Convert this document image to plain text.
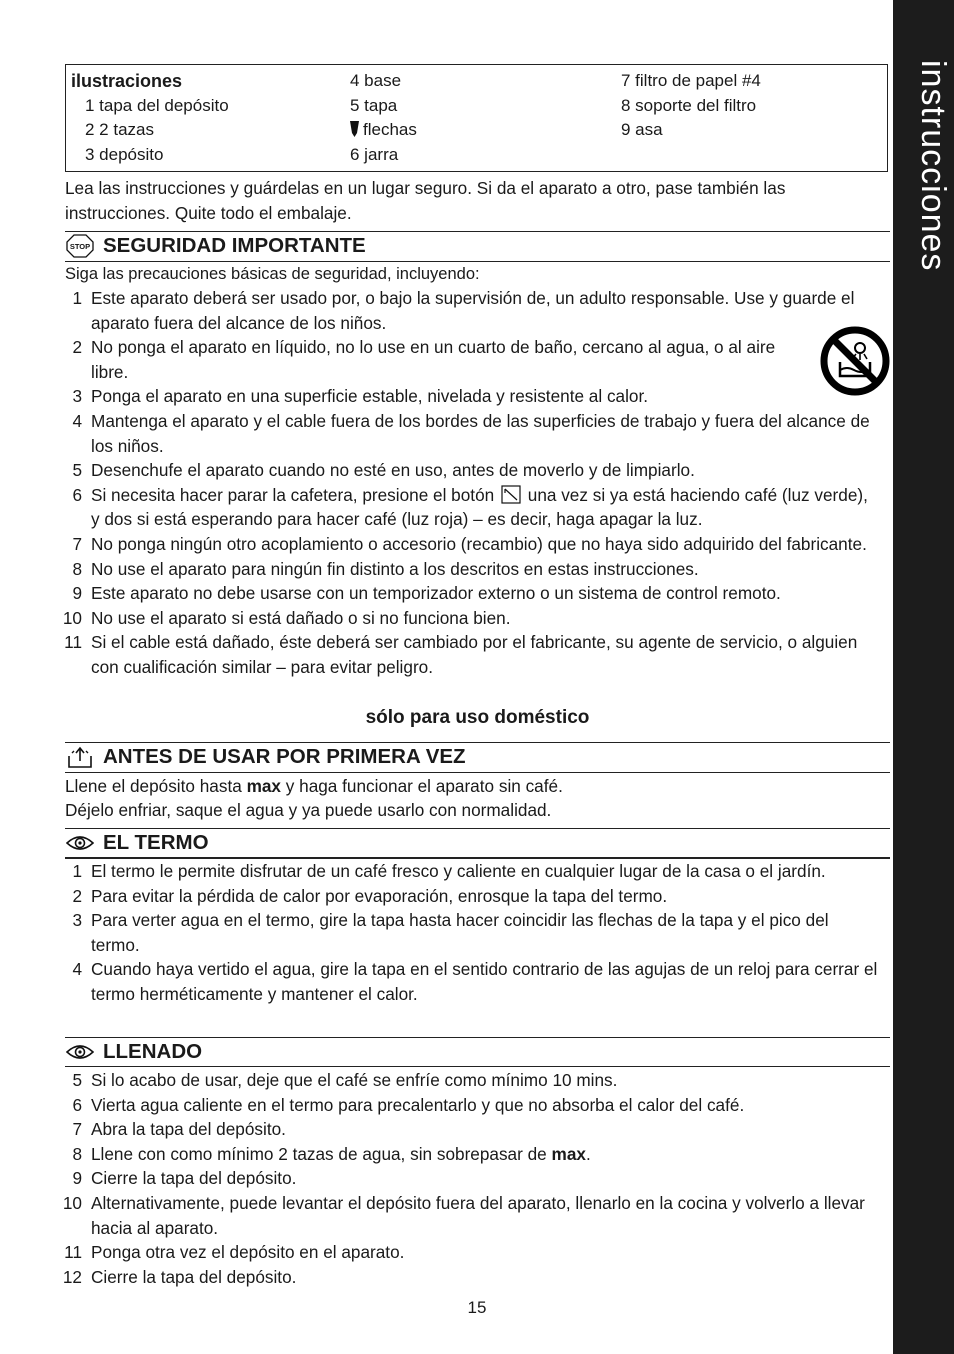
instrucciones
ilustraciones
1 tapa del depósito
2 2 tazas
3 depósito
4 base
5 tapa
flechas
6 jarra
7 filtro de papel #4
8 soporte del filtro
9 asa
Lea las instrucciones y guárdelas en un lugar seguro. Si da el aparato a otro, pase también las instrucciones. Quite todo el embalaje.
STOP SEGURIDAD IMPORTANTE
Siga las precauciones básicas de seguridad, incluyendo:
1 Este aparato deberá ser usado por, o bajo la supervisión de, un adulto responsable. Use y guarde el aparato fuera del alcance de los niños.
2 No ponga el aparato en líquido, no lo use en un cuarto de baño, cercano al agua, o al aire libre.
3 Ponga el aparato en una superficie estable, nivelada y resistente al calor.
4 Mantenga el aparato y el cable fuera de los bordes de las superficies de trabajo y fuera del alcance de los niños.
5 Desenchufe el aparato cuando no esté en uso, antes de moverlo y de limpiarlo.
6 Si necesita hacer parar la cafetera, presione el botón una vez si ya está haciendo café (luz verde), y dos si está esperando para hacer café (luz roja) – es decir, haga apagar la luz.
7 No ponga ningún otro acoplamiento o accesorio (recambio) que no haya sido adquirido del fabricante.
8 No use el aparato para ningún fin distinto a los descritos en estas instrucciones.
9 Este aparato no debe usarse con un temporizador externo o un sistema de control remoto.
10 No use el aparato si está dañado o si no funciona bien.
11 Si el cable está dañado, éste deberá ser cambiado por el fabricante, su agente de servicio, o alguien con cualificación similar – para evitar peligro.
sólo para uso doméstico
ANTES DE USAR POR PRIMERA VEZ
Llene el depósito hasta max y haga funcionar el aparato sin café.
Déjelo enfriar, saque el agua y ya puede usarlo con normalidad.
EL TERMO
1 El termo le permite disfrutar de un café fresco y caliente en cualquier lugar de la casa o el jardín.
2 Para evitar la pérdida de calor por evaporación, enrosque la tapa del termo.
3 Para verter agua en el termo, gire la tapa hasta hacer coincidir las flechas de la tapa y el pico del termo.
4 Cuando haya vertido el agua, gire la tapa en el sentido contrario de las agujas de un reloj para cerrar el termo herméticamente y mantener el calor.
LLENADO
5 Si lo acabo de usar, deje que el café se enfríe como mínimo 10 mins.
6 Vierta agua caliente en el termo para precalentarlo y que no absorba el calor del café.
7 Abra la tapa del depósito.
8 Llene con como mínimo 2 tazas de agua, sin sobrepasar de max.
9 Cierre la tapa del depósito.
10 Alternativamente, puede levantar el depósito fuera del aparato, llenarlo en la cocina y volverlo a llevar hacia al aparato.
11 Ponga otra vez el depósito en el aparato.
12 Cierre la tapa del depósito.
15
